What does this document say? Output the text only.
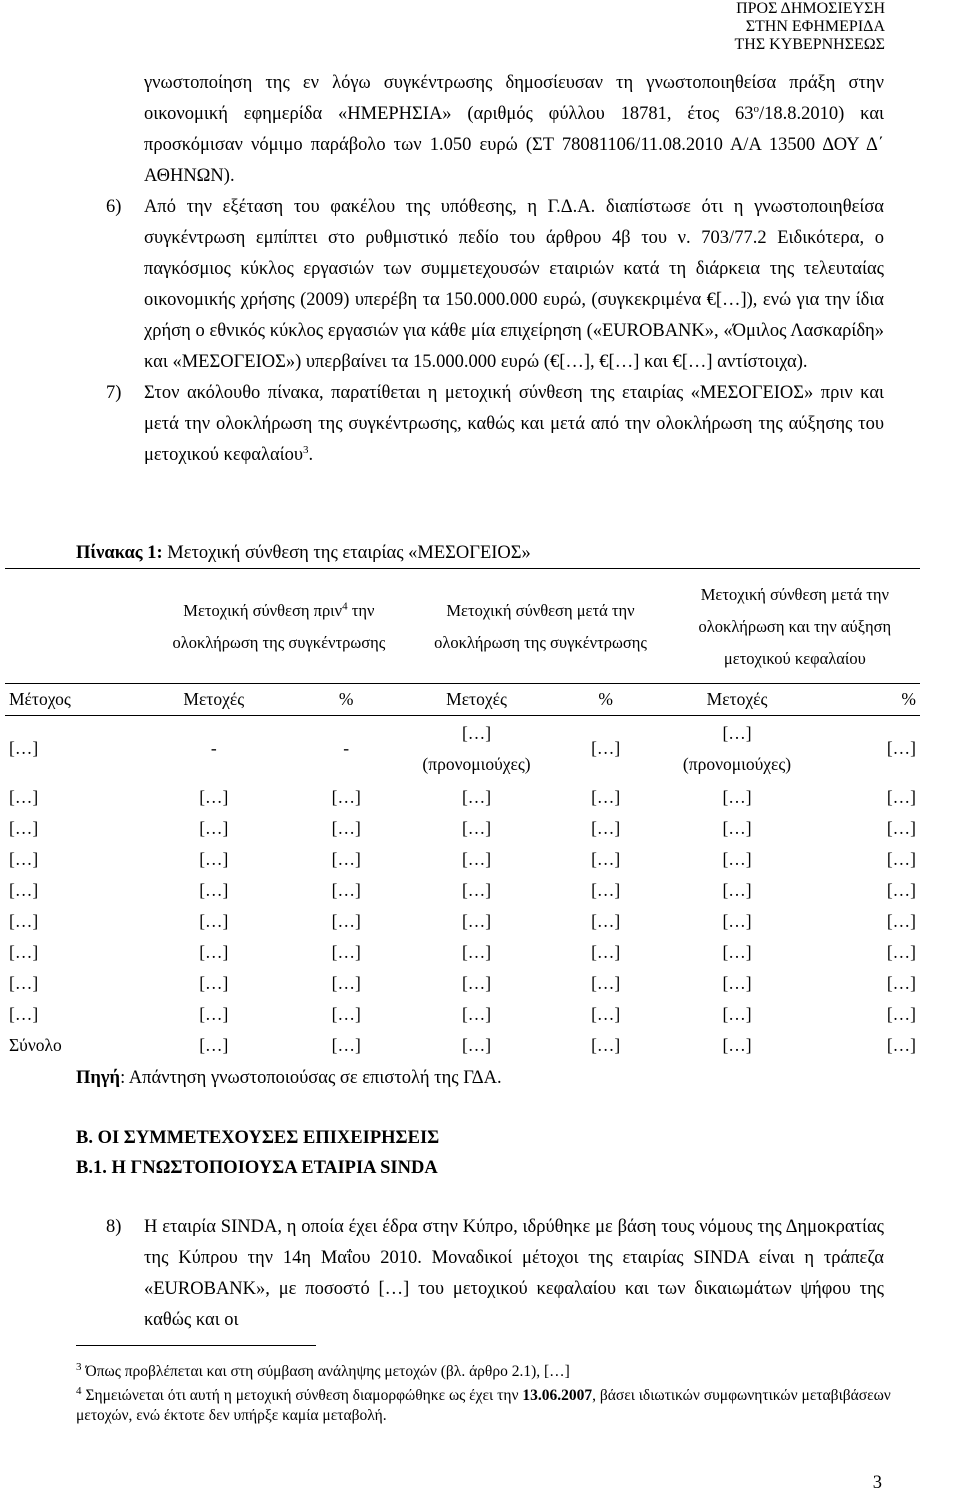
ΠΡΟΣ ΔΗΜΟΣΙΕΥΣΗ
ΣΤΗΝ ΕΦΗΜΕΡΙΔΑ
ΤΗΣ ΚΥΒΕΡΝΗΣΕΩΣ

γνωστοποίηση της εν λόγω συγκέντρωσης δημοσίευσαν τη γνωστοποιηθείσα πράξη στην οικονομική εφημερίδα «ΗΜΕΡΗΣΙΑ» (αριθμός φύλλου 18781, έτος $63^o/18.8.2010$) και προσκόμισαν νόμιμο παράβολο των 1.050 ευρώ (ΣΤ 78081106/11.08.2010 Α/Α 13500 ΔΟΥ Δ΄ ΑΘΗΝΩΝ).

6) Από την εξέταση του φακέλου της υπόθεσης, η Γ.Δ.Α. διαπίστωσε ότι η γνωστοποιηθείσα συγκέντρωση εμπίπτει στο ρυθμιστικό πεδίο του άρθρου 4β του ν. 703/77.2 Ειδικότερα, ο παγκόσμιος κύκλος εργασιών των συμμετεχουσών εταιριών κατά τη διάρκεια της τελευταίας οικονομικής χρήσης (2009) υπερέβη τα 150.000.000 ευρώ, (συγκεκριμένα €[…]), ενώ για την ίδια χρήση ο εθνικός κύκλος εργασιών για κάθε μία επιχείρηση («EUROBANK», «Όμιλος Λασκαρίδη» και «ΜΕΣΟΓΕΙΟΣ») υπερβαίνει τα 15.000.000 ευρώ (€[…], €[…] και €[…] αντίστοιχα).

7) Στον ακόλουθο πίνακα, παρατίθεται η μετοχική σύνθεση της εταιρίας «ΜΕΣΟΓΕΙΟΣ» πριν και μετά την ολοκλήρωση της συγκέντρωσης, καθώς και μετά από την ολοκλήρωση της αύξησης του μετοχικού κεφαλαίου$^3$.

Πίνακας 1: Μετοχική σύνθεση της εταιρίας «ΜΕΣΟΓΕΙΟΣ»
	Μετοχική σύνθεση πριν$^4$ την ολοκλήρωση της συγκέντρωσης		Μετοχική σύνθεση μετά την ολοκλήρωση της συγκέντρωσης		Μετοχική σύνθεση μετά την ολοκλήρωση και την αύξηση μετοχικού κεφαλαίου	
Μέτοχος	Μετοχές	%	Μετοχές	%	Μετοχές	%
[…]	-	-	[…] (προνομιούχες)	[…]	[…] (προνομιούχες)	[…]
[…]	[…]	[…]	[…]	[…]	[…]	[…]
[…]	[…]	[…]	[…]	[…]	[…]	[…]
[…]	[…]	[…]	[…]	[…]	[…]	[…]
[…]	[…]	[…]	[…]	[…]	[…]	[…]
[…]	[…]	[…]	[…]	[…]	[…]	[…]
[…]	[…]	[…]	[…]	[…]	[…]	[…]
[…]	[…]	[…]	[…]	[…]	[…]	[…]
[…]	[…]	[…]	[…]	[…]	[…]	[…]
Σύνολο	[…]	[…]	[…]	[…]	[…]	[…]
Πηγή: Απάντηση γνωστοποιούσας σε επιστολή της ΓΔΑ.
Β. ΟΙ ΣΥΜΜΕΤΕΧΟΥΣΕΣ ΕΠΙΧΕΙΡΗΣΕΙΣ
Β.1. Η ΓΝΩΣΤΟΠΟΙΟΥΣΑ ΕΤΑΙΡΙΑ SINDA
8) Η εταιρία SINDA, η οποία έχει έδρα στην Κύπρο, ιδρύθηκε με βάση τους νόμους της Δημοκρατίας της Κύπρου την 14η Μαΐου 2010. Μοναδικοί μέτοχοι της εταιρίας SINDA είναι η τράπεζα «EUROBANK», με ποσοστό […] του μετοχικού κεφαλαίου και των δικαιωμάτων ψήφου της καθώς και οι
$^3$ Όπως προβλέπεται και στη σύμβαση ανάληψης μετοχών (βλ. άρθρο 2.1), […]
$^4$ Σημειώνεται ότι αυτή η μετοχική σύνθεση διαμορφώθηκε ως έχει την 13.06.2007, βάσει ιδιωτικών συμφωνητικών μεταβιβάσεων μετοχών, ενώ έκτοτε δεν υπήρξε καμία μεταβολή.
3
